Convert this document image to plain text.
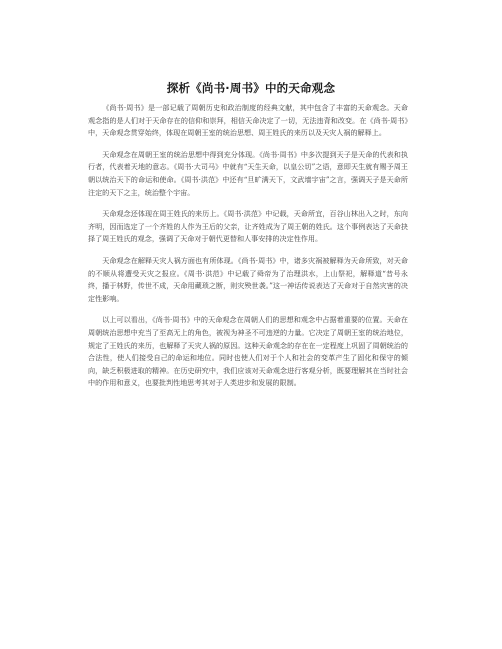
探析《尚书·周书》中的天命观念

《尚书·周书》是一部记载了周朝历史和政治制度的经典文献，其中包含了丰富的天命观念。天命观念指的是人们对于天命存在的信仰和崇拜，相信天命决定了一切，无法违背和改变。在《尚书·周书》中，天命观念贯穿始终，体现在周朝王室的统治思想、周王姓氏的来历以及天灾人祸的解释上。

天命观念在周朝王室的统治思想中得到充分体现。《尚书·周书》中多次提到天子是天命的代表和执行者，代表着天地的意志。《周书·大司马》中就有“天生天命，以皇公切”之语，意即天生就有赐予周王朝以统治天下的命运和使命。《周书·洪范》中还有“旦旷满天下，文武墙宇宙”之言，强调天子是天命所注定的天下之主，统治整个宇宙。

天命观念还体现在周王姓氏的来历上。《周书·洪范》中记载，天命所宜，百谷山林出入之时，东向齐明，因而选定了一个齐姓的人作为王后的父亲，让齐姓成为了周王朝的姓氏。这个事例表达了天命抉择了周王姓氏的观念，强调了天命对于朝代更替和人事安排的决定性作用。

天命观念在解释天灾人祸方面也有所体现。《尚书·周书》中，诸多灾祸被解释为天命所致，对天命的不顺从将遭受天灾之报应。《周书·洪范》中记载了舜帝为了治理洪水，上山祭祀，解释道“昔号永终，播于林野，传世不成，天命用藏琐之断，则灾殃世袭。”这一神话传说表达了天命对于自然灾害的决定性影响。

以上可以看出，《尚书·周书》中的天命观念在周朝人们的思想和观念中占据着重要的位置。天命在周朝统治思想中充当了至高无上的角色，被视为神圣不可违逆的力量。它决定了周朝王室的统治地位，规定了王姓氏的来历，也解释了天灾人祸的原因。这种天命观念的存在在一定程度上巩固了周朝统治的合法性，使人们接受自己的命运和地位。同时也使人们对于个人和社会的变革产生了固化和保守的倾向，缺乏积极进取的精神。在历史研究中，我们应该对天命观念进行客观分析，既要理解其在当时社会中的作用和意义，也要批判性地思考其对于人类进步和发展的限制。
